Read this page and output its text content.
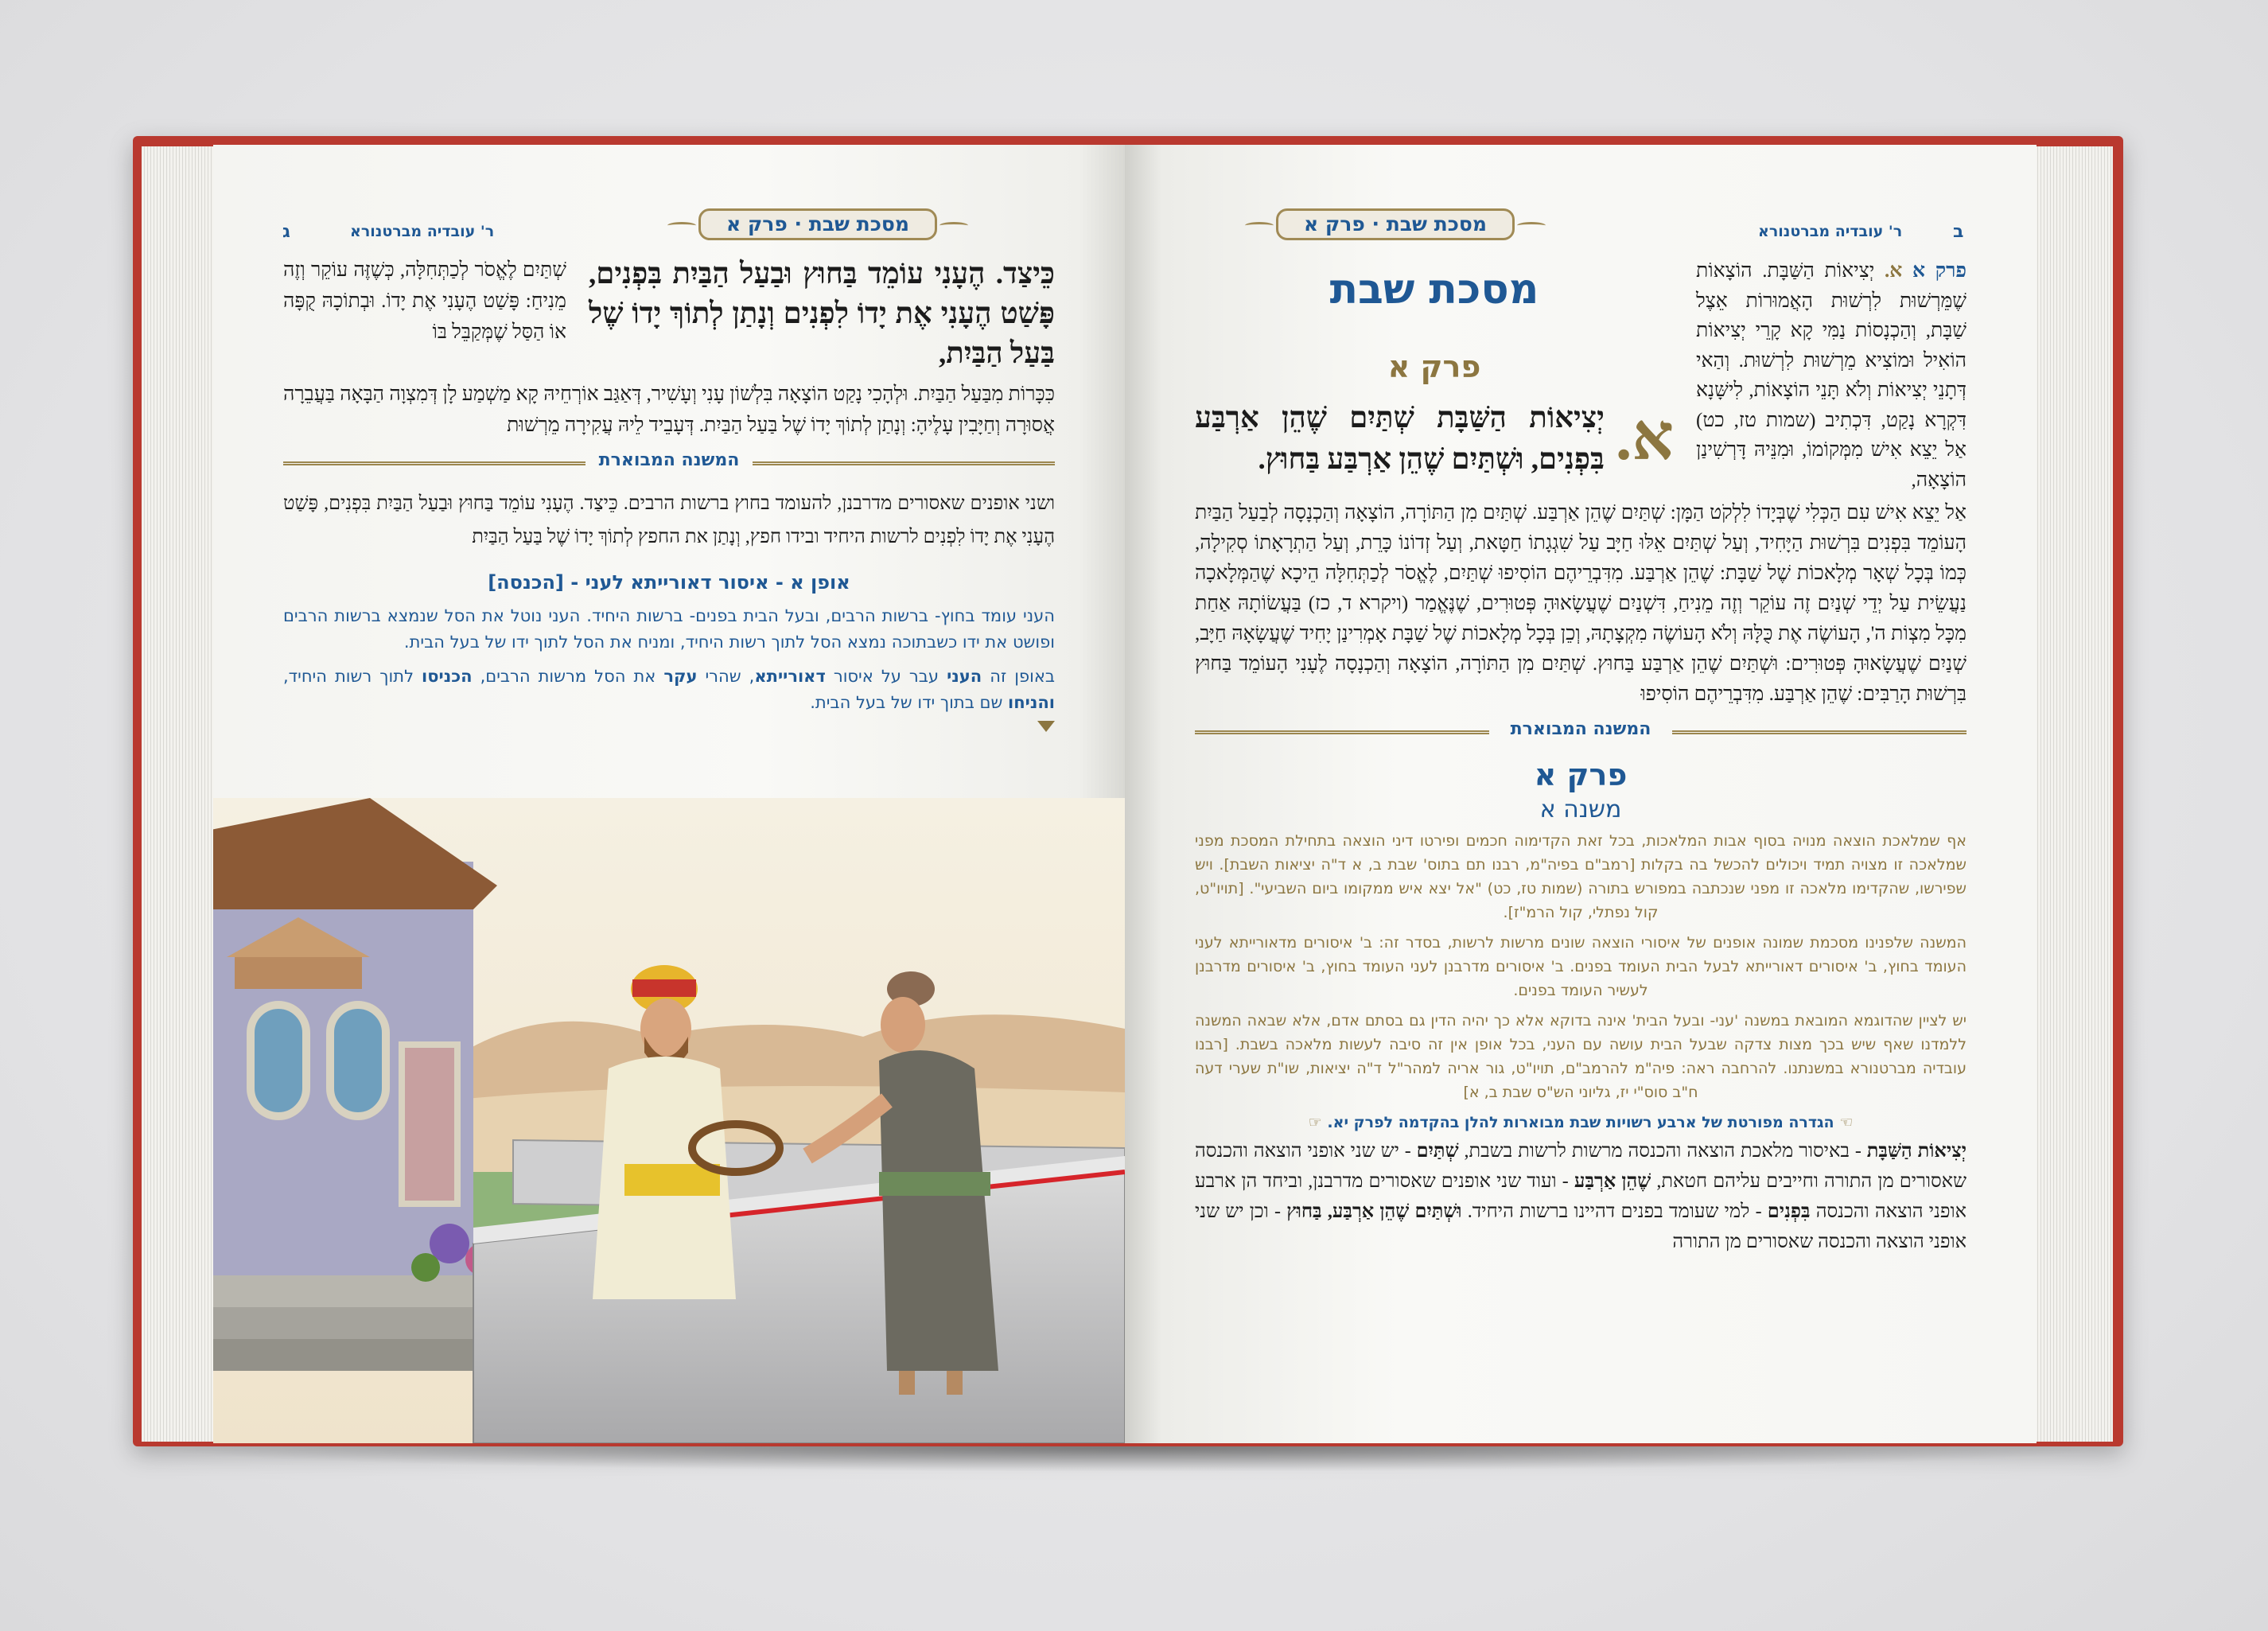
ג	ר' עובדיה מברטנורא	מסכת שבת · פרק א
כֵּיצַד. הֶעָנִי עוֹמֵד בַּחוּץ וּבַעַל הַבַּיִת בִּפְנִים, פָּשַׁט הֶעָנִי אֶת יָדוֹ לִפְנִים וְנָתַן לְתוֹךְ יָדוֹ שֶׁל בַּעַל הַבַּיִת,
שְׁתַּיִם לֶאֱסֹר לְכַתְּחִלָּה, כְּשֶׁזֶּה עוֹקֵר וְזֶה מֵנִיחַ: פָּשַׁט הֶעָנִי אֶת יָדוֹ. וּבְתוֹכָהּ קֻפָּה אוֹ הַסַּל שֶׁמְּקַבֵּל בּוֹ
כִּכָּרוֹת מִבַּעַל הַבַּיִת. וּלְהָכִי נָקַט הוֹצָאָה בִּלְשׁוֹן עָנִי וְעָשִׁיר, דְּאַגַּב אוֹרְחֵיהּ קָא מַשְׁמַע לָן דְּמִצְוָה הַבָּאָה בַּעֲבֵרָה אֲסוּרָה וְחַיָּבִין עָלֶיהָ: וְנָתַן לְתוֹךְ יָדוֹ שֶׁל בַּעַל הַבַּיִת. דְּעָבֵיד לֵיהּ עֲקִירָה מֵרְשׁוּת
המשנה המבוארת
ושני אופנים שאסורים מדרבנן, להעומד בחוץ ברשות הרבים. כֵּיצַד. הֶעָנִי עוֹמֵד בַּחוּץ וּבַעַל הַבַּיִת בִּפְנִים, פָּשַׁט הֶעָנִי אֶת יָדוֹ לִפְנִים לרשות היחיד ובידו חפץ, וְנָתַן את החפץ לְתוֹךְ יָדוֹ שֶׁל בַּעַל הַבַּיִת
אופן א - איסור דאורייתא לעני - [הכנסה]
העני עומד בחוץ- ברשות הרבים, ובעל הבית בפנים- ברשות היחיד. העני נוטל את הסל שנמצא ברשות הרבים ופושט את ידו כשבתוכה נמצא הסל לתוך רשות היחיד, ומניח את הסל לתוך ידו של בעל הבית.
באופן זה העני עבר על איסור דאורייתא, שהרי עקר את הסל מרשות הרבים, הכניסו לתוך רשות היחיד, והניחו שם בתוך ידו של בעל הבית.
ב
ר' עובדיה מברטנורא
מסכת שבת · פרק א
פרק א א. יְצִיאוֹת הַשַּׁבָּת. הוֹצָאוֹת שֶׁמֵּרְשׁוּת לִרְשׁוּת הָאֲמוּרוֹת אֵצֶל שַׁבָּת, וְהַכְנָסוֹת נַמִּי קָא קָרֵי יְצִיאוֹת הוֹאִיל וּמוֹצִיא מֵרְשׁוּת לִרְשׁוּת. וְהַאי דְּתָנֵי יְצִיאוֹת וְלֹא תָּנֵי הוֹצָאוֹת, לִישָּׁנָא דִּקְרָא נָקַט, דִּכְתִיב (שמות טז, כט) אַל יֵצֵא אִישׁ מִמְּקוֹמוֹ, וּמִנֵּיהּ דָּרְשִׁינַן הוֹצָאָה,
מסכת שבת
פרק א
א.
יְצִיאוֹת הַשַּׁבָּת שְׁתַּיִם שֶׁהֵן אַרְבַּע בִּפְנִים, וּשְׁתַּיִם שֶׁהֵן אַרְבַּע בַּחוּץ.
אַל יֵצֵא אִישׁ עִם הַכְּלִי שֶׁבְּיָדוֹ לִלְקֹט הַמָּן: שְׁתַּיִם שֶׁהֵן אַרְבַּע. שְׁתַּיִם מִן הַתּוֹרָה, הוֹצָאָה וְהַכְנָסָה לְבַעַל הַבַּיִת הָעוֹמֵד בִּפְנִים בִּרְשׁוּת הַיָּחִיד, וְעַל שְׁתַּיִם אֵלּוּ חַיָּב עַל שִׁגְגָתוֹ חַטָּאת, וְעַל זְדוֹנוֹ כָּרֵת, וְעַל הַתְרָאָתוֹ סְקִילָה, כְּמוֹ בְּכָל שְׁאָר מְלָאכוֹת שֶׁל שַׁבָּת: שֶׁהֵן אַרְבַּע. מִדִּבְרֵיהֶם הוֹסִיפוּ שְׁתַּיִם, לֶאֱסֹר לְכַתְּחִלָּה הֵיכָא שֶׁהַמְּלָאכָה נַעֲשֵׂית עַל יְדֵי שְׁנַיִם זֶה עוֹקֵר וְזֶה מֵנִיחַ, דִּשְׁנַיִם שֶׁעֲשָׂאוּהָ פְּטוּרִים, שֶׁנֶּאֱמַר (ויקרא ד, כז) בַּעֲשׂוֹתָהּ אַחַת מִכָּל מִצְוֹת ה', הָעוֹשֶׂה אֶת כֻּלָּהּ וְלֹא הָעוֹשֶׂה מִקְצָתָהּ, וְכֵן בְּכָל מְלָאכוֹת שֶׁל שַׁבָּת אָמְרִינַן יָחִיד שֶׁעֲשָׂאָהּ חַיָּב, שְׁנַיִם שֶׁעֲשָׂאוּהָ פְּטוּרִים: וּשְׁתַּיִם שֶׁהֵן אַרְבַּע בַּחוּץ. שְׁתַּיִם מִן הַתּוֹרָה, הוֹצָאָה וְהַכְנָסָה לֶעָנִי הָעוֹמֵד בַּחוּץ בִּרְשׁוּת הָרַבִּים: שֶׁהֵן אַרְבַּע. מִדִּבְרֵיהֶם הוֹסִיפוּ
המשנה המבוארת
פרק א
משנה א
אף שמלאכת הוצאה מנויה בסוף אבות המלאכות, בכל זאת הקדימוה חכמים ופירטו דיני הוצאה בתחילת המסכת מפני שמלאכה זו מצויה תמיד ויכולים להכשל בה בקלות [רמב"ם בפיה"מ, רבנו תם בתוס' שבת ב, א ד"ה יציאות השבת]. ויש שפירשו, שהקדימו מלאכה זו מפני שנכתבה במפורש בתורה (שמות טז, כט) "אל יצא איש ממקומו ביום השביעי". [תויו"ט, קול נפתלי, קול הרמ"ז].
המשנה שלפנינו מסכמת שמונה אופנים של איסורי הוצאה שונים מרשות לרשות, בסדר זה: ב' איסורים מדאורייתא לעני העומד בחוץ, ב' איסורים דאורייתא לבעל הבית העומד בפנים. ב' איסורים מדרבנן לעני העומד בחוץ, ב' איסורים מדרבנן לעשיר העומד בפנים.
יש לציין שהדוגמא המובאת במשנה 'עני- ובעל הבית' אינה בדוקא אלא כך יהיה הדין גם בסתם אדם, אלא שבאה המשנה ללמדנו שאף שיש בכך מצות צדקה שבעל הבית עושה עם העני, בכל אופן אין זה סיבה לעשות מלאכה בשבת. [רבנו עובדיה מברטנורא במשנתנו. להרחבה ראה: פיה"מ להרמב"ם, תויו"ט, גור אריה למהר"ל ד"ה יציאות, שו"ת שערי דעה ח"ב סוס"י יז, גליוני הש"ס שבת ב, א]
☜ הגדרה מפורטת של ארבע רשויות שבת מבוארות להלן בהקדמה לפרק יא. ☞
יְצִיאוֹת הַשַּׁבָּת - באיסור מלאכת הוצאה והכנסה מרשות לרשות בשבת, שְׁתַּיִם - יש שני אופני הוצאה והכנסה שאסורים מן התורה וחייבים עליהם חטאת, שֶׁהֵן אַרְבַּע - ועוד שני אופנים שאסורים מדרבנן, וביחד הן ארבע אופני הוצאה והכנסה בִּפְנִים - למי שעומד בפנים דהיינו ברשות היחיד. וּשְׁתַּיִם שֶׁהֵן אַרְבַּע, בַּחוּץ - וכן יש שני אופני הוצאה והכנסה שאסורים מן התורה
